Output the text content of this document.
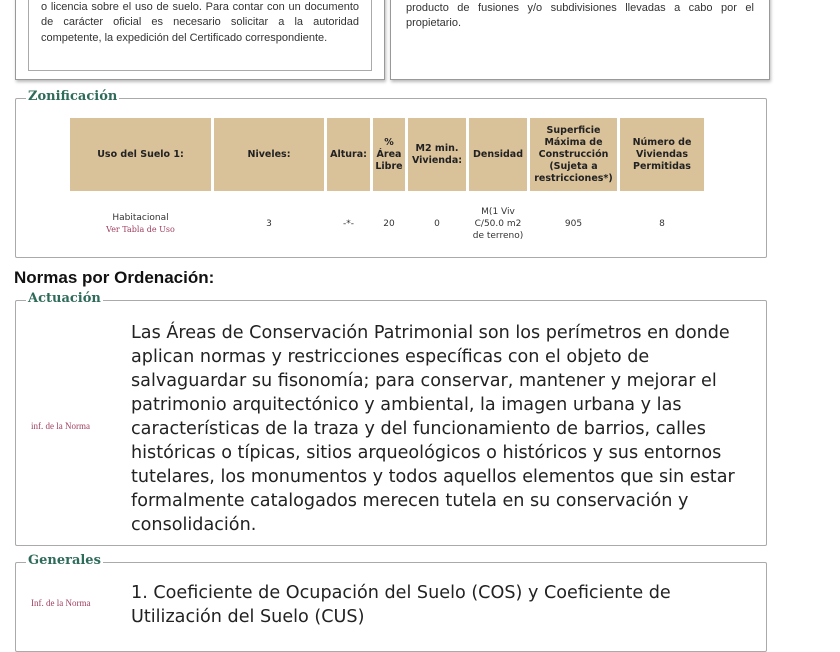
o licencia sobre el uso de suelo. Para contar con un documento de carácter oficial es necesario solicitar a la autoridad competente, la expedición del Certificado correspondiente.

producto de fusiones y/o subdivisiones llevadas a cabo por el propietario.

Zonificación
Uso del Suelo 1:	Niveles:	Altura:	% Área Libre	M2 min. Vivienda:	Densidad	Superficie Máxima de Construcción (Sujeta a restricciones*)	Número de Viviendas Permitidas

Habitacional
Ver Tabla de Uso	3	-*-	20	0	M(1 Viv C/50.0 m2 de terreno)	905	8
Normas por Ordenación:
Actuación
inf. de la Norma
Las Áreas de Conservación Patrimonial son los perímetros en donde aplican normas y restricciones específicas con el objeto de salvaguardar su fisonomía; para conservar, mantener y mejorar el patrimonio arquitectónico y ambiental, la imagen urbana y las características de la traza y del funcionamiento de barrios, calles históricas o típicas, sitios arqueológicos o históricos y sus entornos tutelares, los monumentos y todos aquellos elementos que sin estar formalmente catalogados merecen tutela en su conservación y consolidación.
Generales
Inf. de la Norma 1. Coeficiente de Ocupación del Suelo (COS) y Coeficiente de Utilización del Suelo (CUS)
